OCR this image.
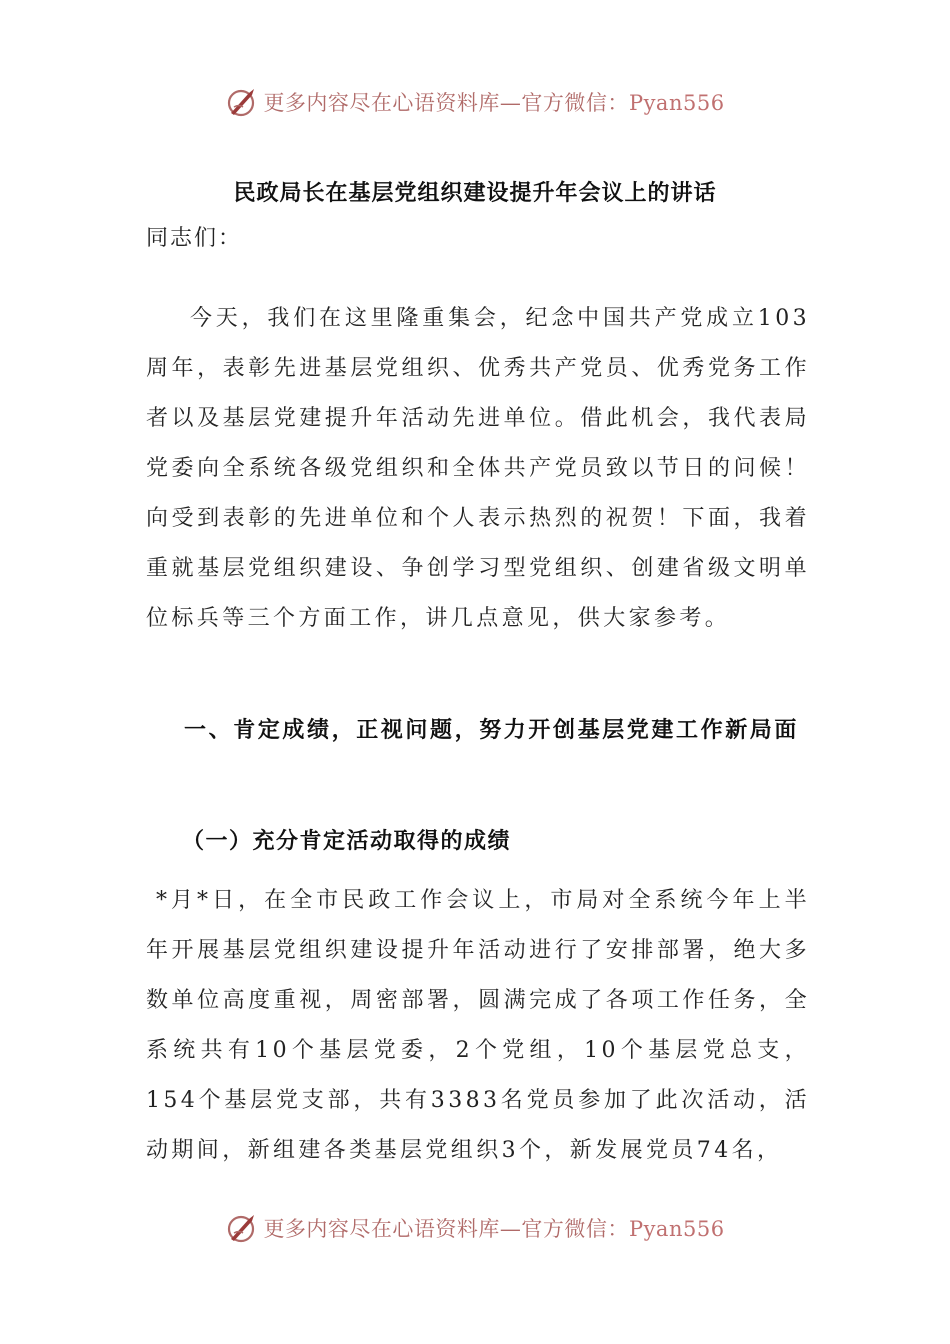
更多内容尽在心语资料库—官方微信：Pyan556
民政局长在基层党组织建设提升年会议上的讲话

同志们：

今天，我们在这里隆重集会，纪念中国共产党成立103周年，表彰先进基层党组织、优秀共产党员、优秀党务工作者以及基层党建提升年活动先进单位。借此机会，我代表局党委向全系统各级党组织和全体共产党员致以节日的问候！向受到表彰的先进单位和个人表示热烈的祝贺！下面，我着重就基层党组织建设、争创学习型党组织、创建省级文明单位标兵等三个方面工作，讲几点意见，供大家参考。

一、肯定成绩，正视问题，努力开创基层党建工作新局面

（一）充分肯定活动取得的成绩

*月*日，在全市民政工作会议上，市局对全系统今年上半年开展基层党组织建设提升年活动进行了安排部署，绝大多数单位高度重视，周密部署，圆满完成了各项工作任务，全系统共有10个基层党委，2个党组，10个基层党总支，154个基层党支部，共有3383名党员参加了此次活动，活动期间，新组建各类基层党组织3个，新发展党员74名，

更多内容尽在心语资料库—官方微信：Pyan556
